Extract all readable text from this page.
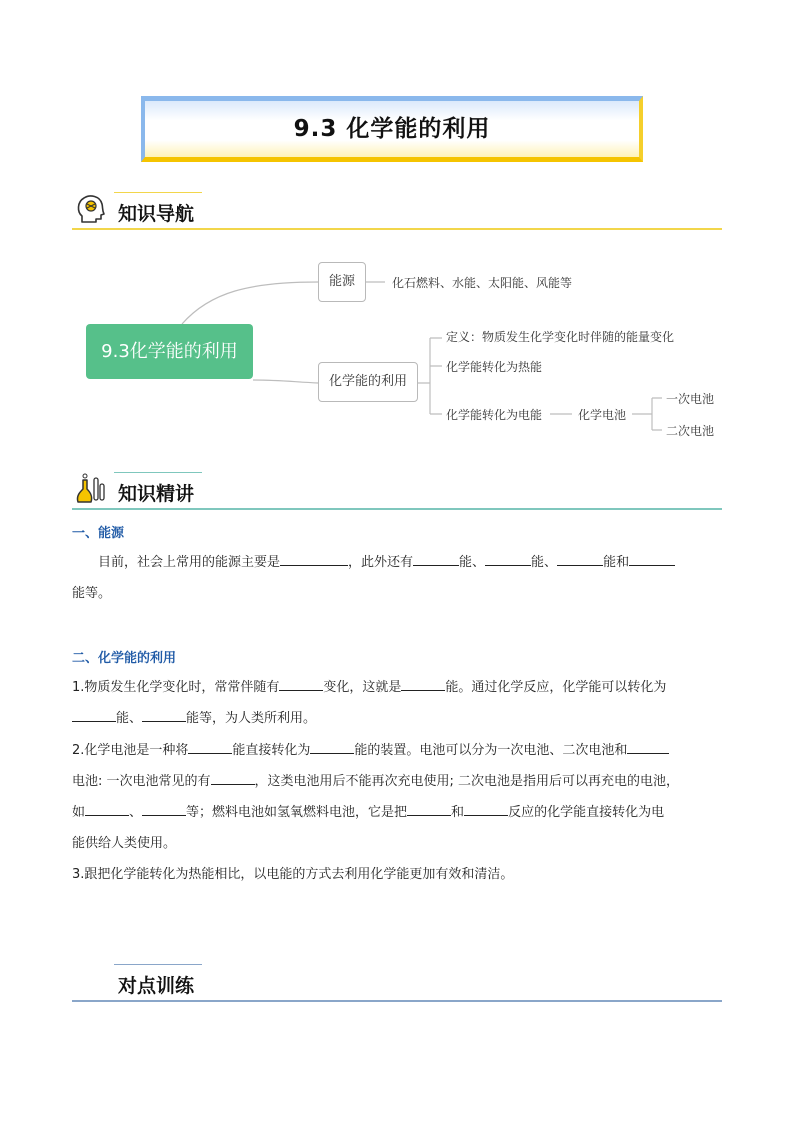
9.3 化学能的利用
知识导航
9.3化学能的利用
能源	化石燃料、水能、太阳能、风能等
化学能的利用
定义：物质发生化学变化时伴随的能量变化
化学能转化为热能
化学能转化为电能	化学电池
一次电池
二次电池
知识精讲
一、能源
目前，社会上常用的能源主要是	，此外还有	能、	能、	能和
能等。
二、化学能的利用
1.物质发生化学变化时，常常伴随有	变化，这就是	能。通过化学反应，化学能可以转化为
能、	能等，为人类所利用。
2.化学电池是一种将	能直接转化为	能的装置。电池可以分为一次电池、二次电池和
电池: 一次电池常见的有	，这类电池用后不能再次充电使用; 二次电池是指用后可以再充电的电池，
如	、	等；燃料电池如氢氧燃料电池，它是把	和	反应的化学能直接转化为电
能供给人类使用。
3.跟把化学能转化为热能相比，以电能的方式去利用化学能更加有效和清洁。
对点训练
